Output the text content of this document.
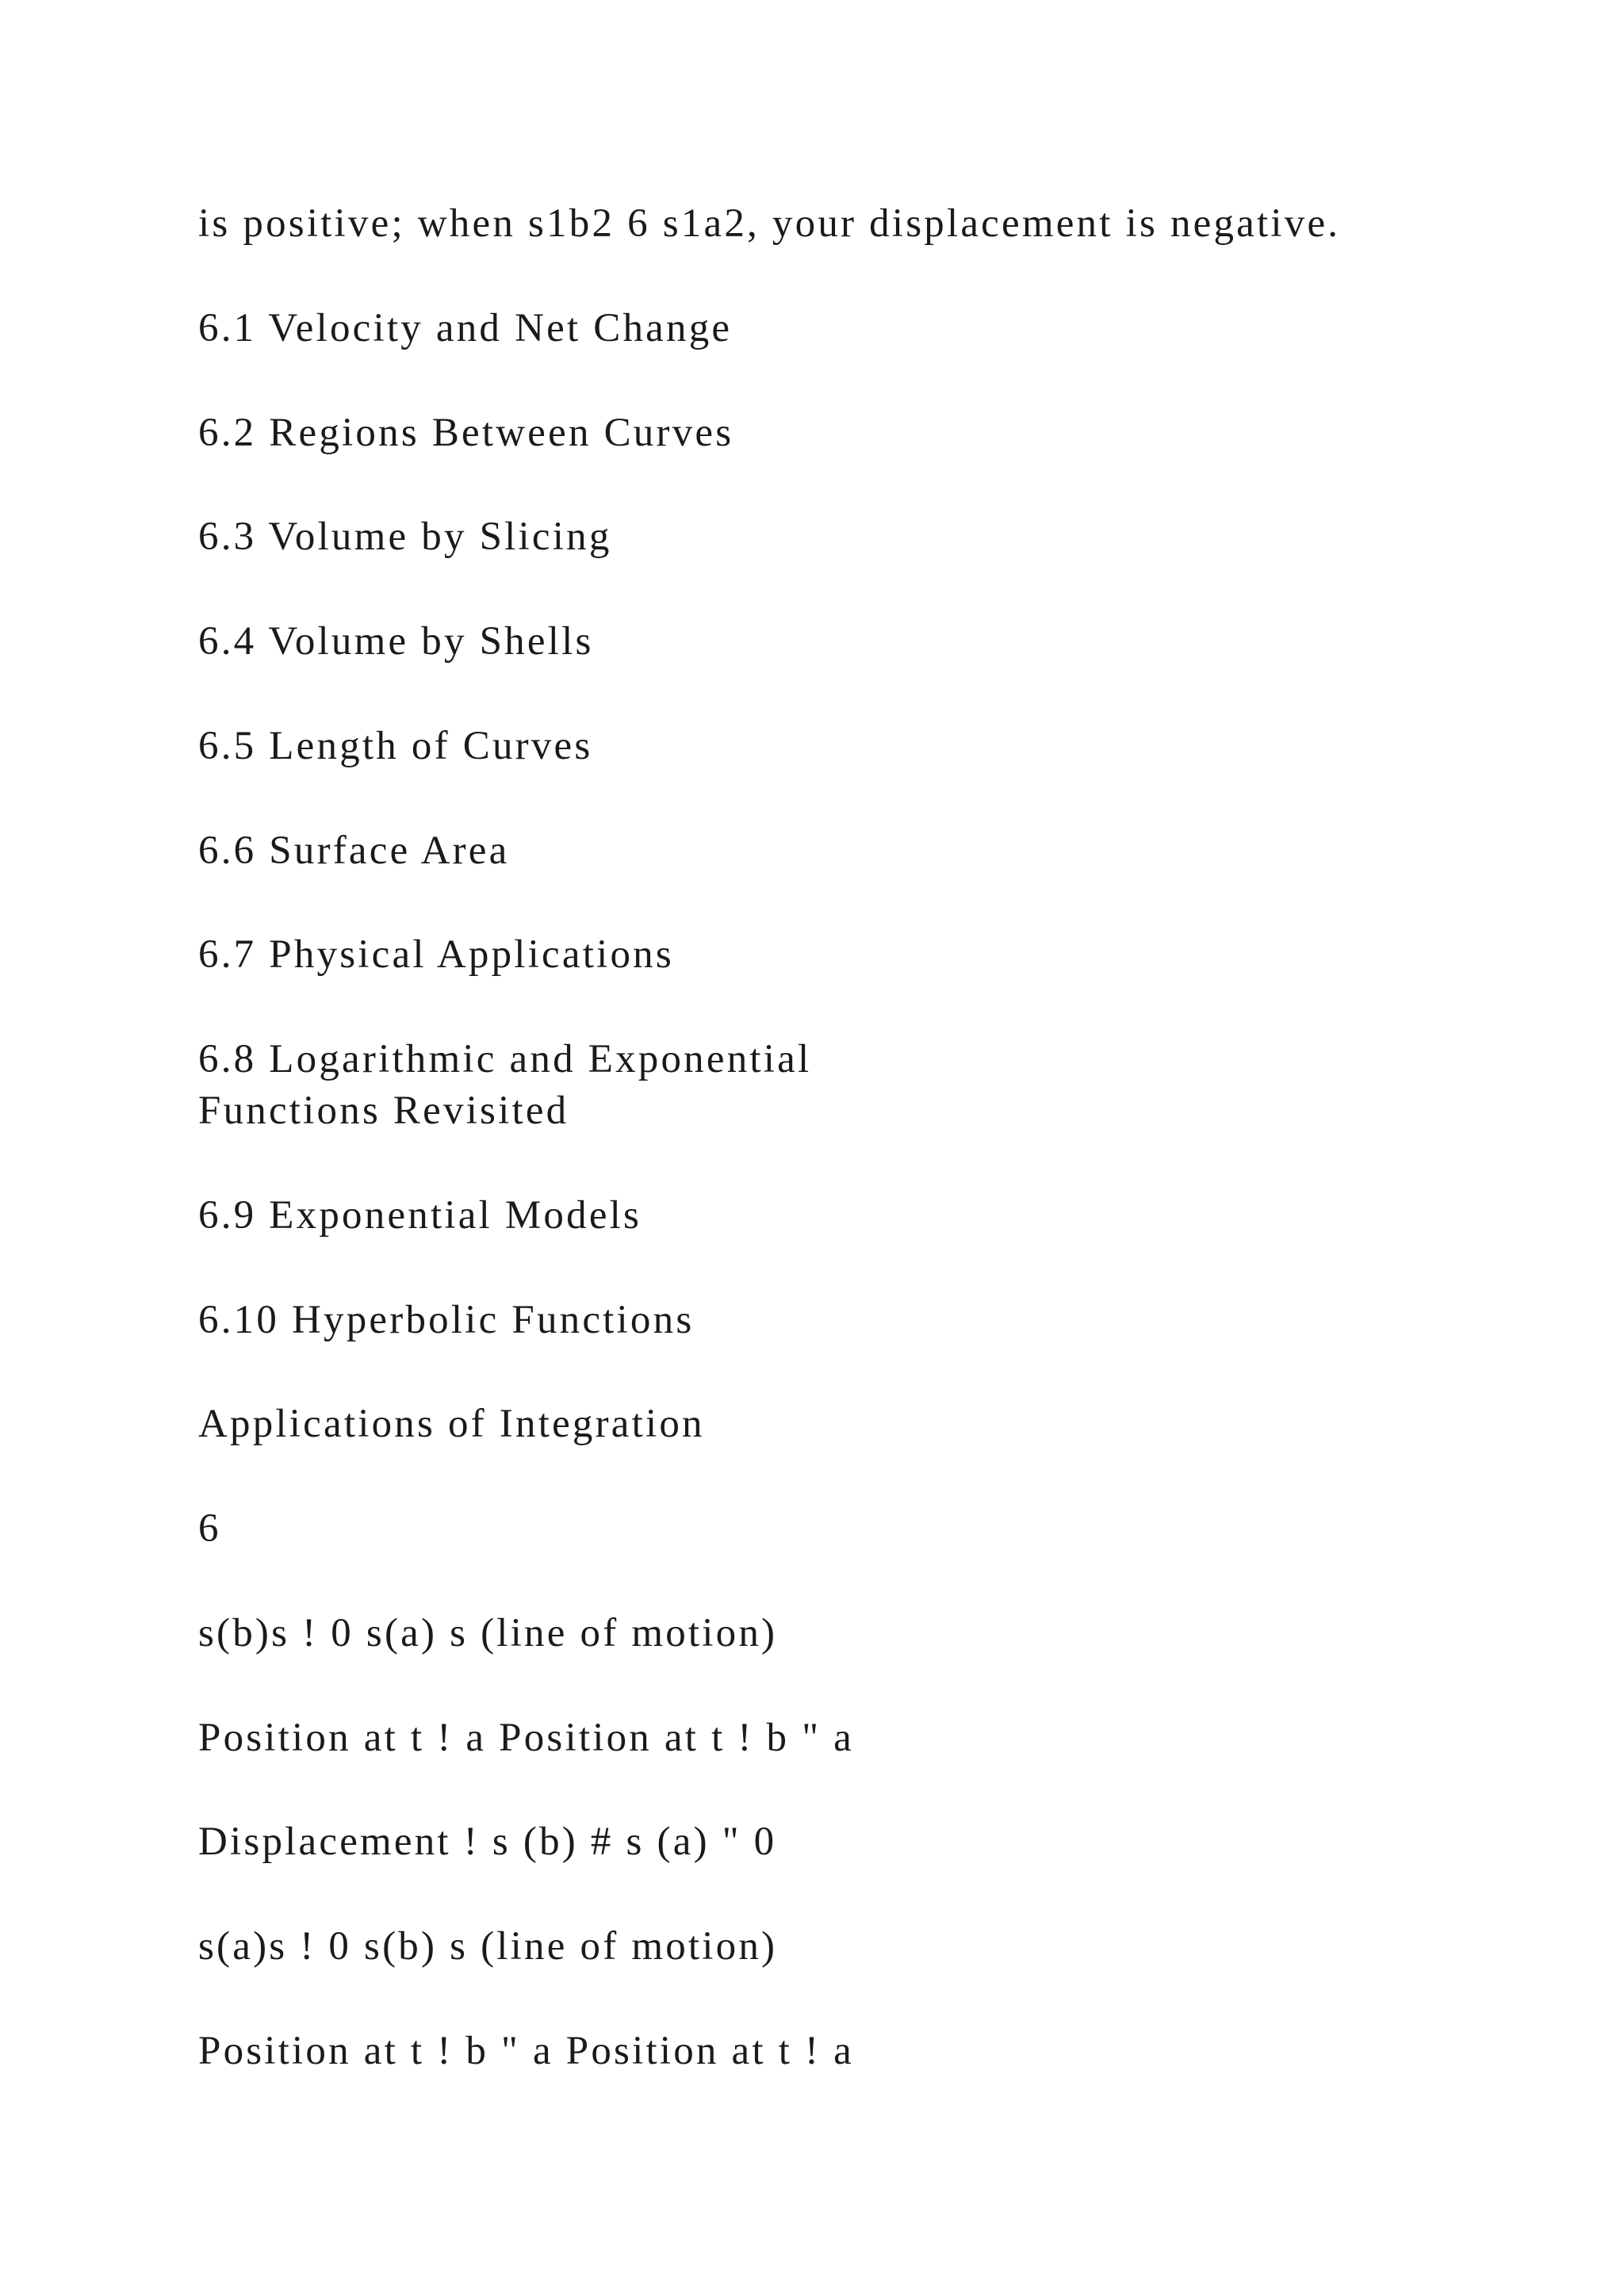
is positive; when s1b2 6 s1a2, your displacement is negative.

6.1 Velocity and Net Change

6.2 Regions Between Curves

6.3 Volume by Slicing

6.4 Volume by Shells

6.5 Length of Curves

6.6 Surface Area

6.7 Physical Applications

6.8 Logarithmic and Exponential

Functions Revisited

6.9 Exponential Models

6.10 Hyperbolic Functions

Applications of Integration

6

s(b)s ! 0 s(a) s (line of motion)

Position at t ! a Position at t ! b " a

Displacement ! s (b) # s (a) " 0

s(a)s ! 0 s(b) s (line of motion)

Position at t ! b " a Position at t ! a
